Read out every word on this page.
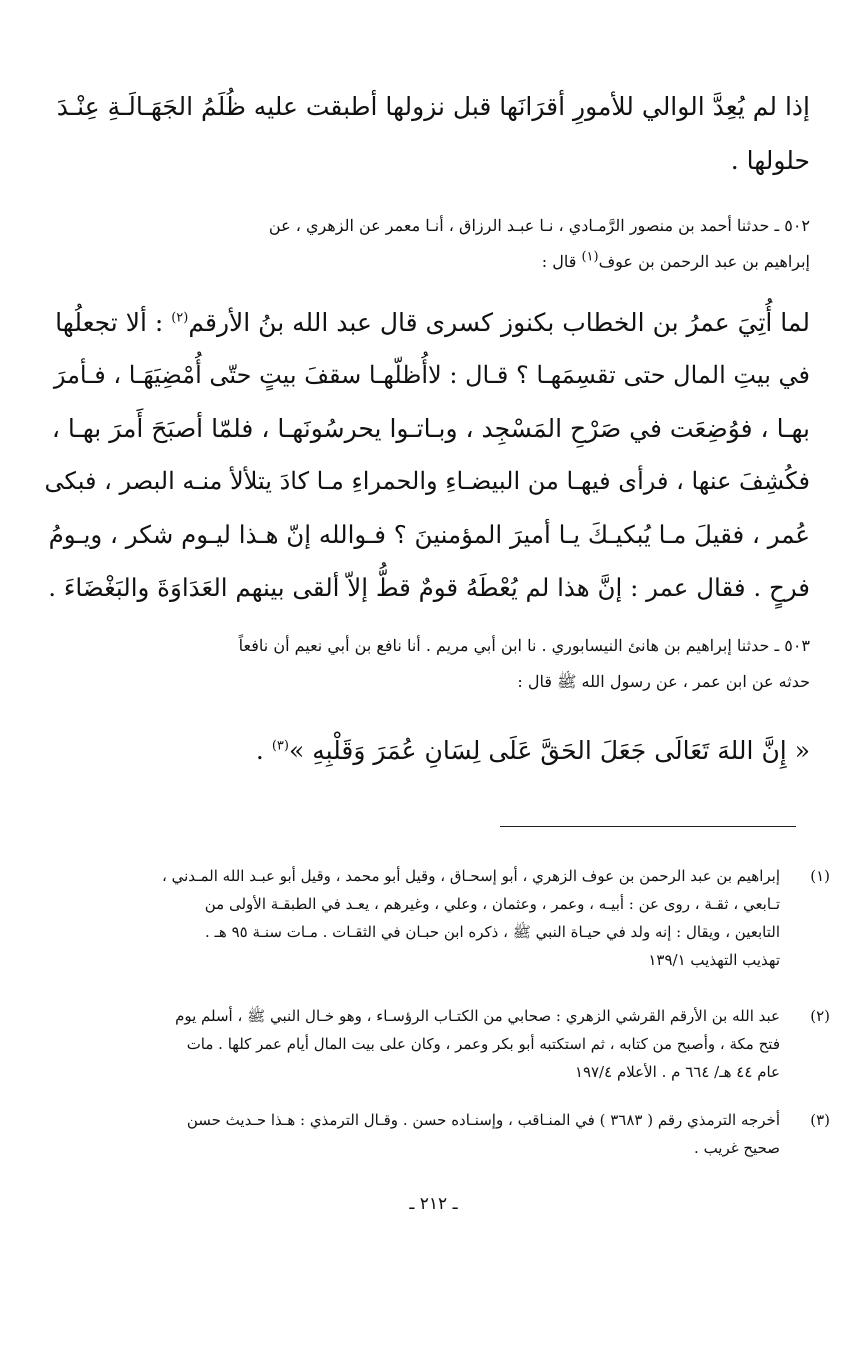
إذا لم يُعِدَّ الوالي للأمورِ أقرَانَها قبل نزولها أطبقت عليه ظُلَمُ الجَهَـالَـةِ عِنْـدَ
حلولها .
٥٠٢ ـ حدثنا أحمد بن منصور الرَّمـادي ، نـا عبـد الرزاق ، أنـا معمر عن الزهري ، عن
إبراهيم بن عبد الرحمن بن عوف$^{(١)}$ قال :
لما أُتِيَ عمرُ بن الخطاب بكنوز كسرى قال عبد الله بنُ الأرقم$^{(٢)}$ : ألا تجعلُها
في بيتِ المال حتى تقسِمَهـا ؟ قـال : لاأُظلّهـا سقفَ بيتٍ حتّى أُمْضِيَهَـا ، فـأمرَ
بهـا ، فوُضِعَت في صَرْحِ المَسْجِد ، وبـاتـوا يحرسُونَهـا ، فلمّا أصبَحَ أَمرَ بهـا ،
فكُشِفَ عنها ، فرأى فيهـا من البيضـاءِ والحمراءِ مـا كادَ يتلألأ منـه البصر ، فبكى
عُمر ، فقيلَ مـا يُبكيـكَ يـا أميرَ المؤمنينَ ؟ فـوالله إنّ هـذا ليـوم شكر ، ويـومُ
فرحٍ . فقال عمر : إنَّ هذا لم يُعْطَهُ قومٌ قطُّ إلاّ ألقى بينهم العَدَاوَةَ والبَغْضَاءَ .
٥٠٣ ـ حدثنا إبراهيم بن هانئ النيسابوري . نا ابن أبي مريم . أنا نافع بن أبي نعيم أن نافعاً
حدثه عن ابن عمر ، عن رسول الله ﷺ قال :
« إِنَّ اللهَ تَعَالَى جَعَلَ الحَقَّ عَلَى لِسَانِ عُمَرَ وَقَلْبِهِ »$^{(٣)}$ .
(١)
إبراهيم بن عبد الرحمن بن عوف الزهري ، أبو إسحـاق ، وقيل أبو محمد ، وقيل أبو عبـد الله المـدني ،
تـابعي ، ثقـة ، روى عن : أبيـه ، وعمر ، وعثمان ، وعلي ، وغيرهم ، يعـد في الطبقـة الأولى من
التابعين ، ويقال : إنه ولد في حيـاة النبي ﷺ ، ذكره ابن حبـان في الثقـات . مـات سنـة ٩٥ هـ .
تهذيب التهذيب ١٣٩/١
(٢)
عبد الله بن الأرقم القرشي الزهري : صحابي من الكتـاب الرؤسـاء ، وهو خـال النبي ﷺ ، أسلم يوم
فتح مكة ، وأصبح من كتابه ، ثم استكتبه أبو بكر وعمر ، وكان على بيت المال أيام عمر كلها . مات
عام ٤٤ هـ/ ٦٦٤ م . الأعلام ١٩٧/٤
(٣)
أخرجه الترمذي رقم ( ٣٦٨٣ ) في المنـاقب ، وإسنـاده حسن . وقـال الترمذي : هـذا حـديث حسن
صحيح غريب .
ـ ٢١٢ ـ
